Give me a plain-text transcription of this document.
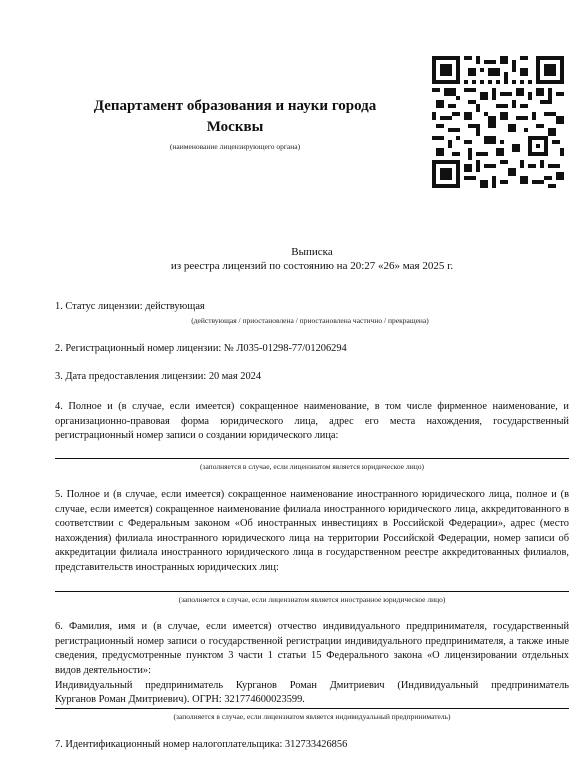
Департамент образования и науки города
Москвы
(наименование лицензирующего органа)
Выписка
из реестра лицензий по состоянию на 20:27 «26» мая 2025 г.
1. Статус лицензии: действующая
(действующая / приостановлена / приостановлена частично / прекращена)
2. Регистрационный номер лицензии: № Л035-01298-77/01206294
3. Дата предоставления лицензии: 20 мая 2024
4. Полное и (в случае, если имеется) сокращенное наименование, в том числе фирменное наименование, и организационно-правовая форма юридического лица, адрес его места нахождения, государственный регистрационный номер записи о создании юридического лица:
(заполняется в случае, если лицензиатом является юридическое лицо)
5. Полное и (в случае, если имеется) сокращенное наименование иностранного юридического лица, полное и (в случае, если имеется) сокращенное наименование филиала иностранного юридического лица, аккредитованного в соответствии с Федеральным законом «Об иностранных инвестициях в Российской Федерации», адрес (место нахождения) филиала иностранного юридического лица на территории Российской Федерации, номер записи об аккредитации филиала иностранного юридического лица в государственном реестре аккредитованных филиалов, представительств иностранных юридических лиц:
(заполняется в случае, если лицензиатом является иностранное юридическое лицо)
6. Фамилия, имя и (в случае, если имеется) отчество индивидуального предпринимателя, государственный регистрационный номер записи о государственной регистрации индивидуального предпринимателя, а также иные сведения, предусмотренные пунктом 3 части 1 статьи 15 Федерального закона «О лицензировании отдельных видов деятельности»:
Индивидуальный предприниматель Курганов Роман Дмитриевич (Индивидуальный предприниматель
Курганов Роман Дмитриевич). ОГРН: 321774600023599.
(заполняется в случае, если лицензиатом является индивидуальный предприниматель)
7. Идентификационный номер налогоплательщика: 312733426856
